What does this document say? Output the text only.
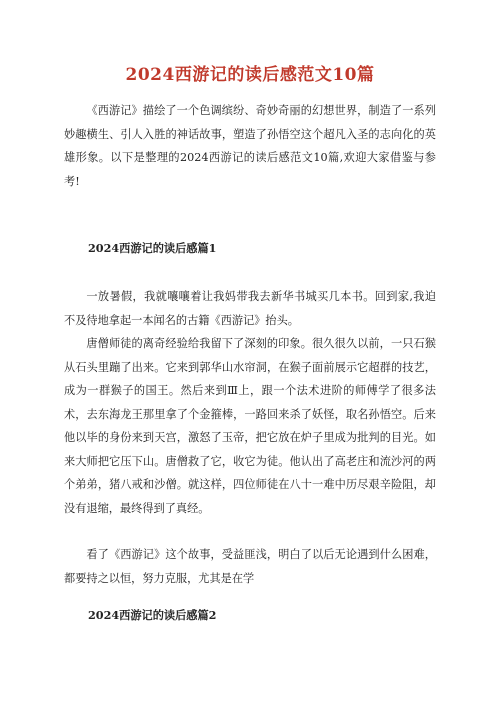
2024西游记的读后感范文10篇

《西游记》描绘了一个色调缤纷、奇妙奇丽的幻想世界，制造了一系列妙趣横生、引人入胜的神话故事，塑造了孙悟空这个超凡入圣的志向化的英雄形象。以下是整理的2024西游记的读后感范文10篇,欢迎大家借鉴与参考!

2024西游记的读后感篇1

一放暑假，我就嚷嚷着让我妈带我去新华书城买几本书。回到家,我迫不及待地拿起一本闻名的古籍《西游记》抬头。

唐僧师徒的离奇经验给我留下了深刻的印象。很久很久以前，一只石猴从石头里蹦了出来。它来到郭华山水帘洞，在猴子面前展示它超群的技艺，成为一群猴子的国王。然后来到Ⅲ上，跟一个法术进阶的师傅学了很多法术，去东海龙王那里拿了个金箍棒，一路回来杀了妖怪，取名孙悟空。后来他以毕的身份来到天宫，激怒了玉帝，把它放在炉子里成为批判的目光。如来大师把它压下山。唐僧救了它，收它为徒。他认出了高老庄和流沙河的两个弟弟，猪八戒和沙僧。就这样，四位师徒在八十一难中历尽艰辛险阻，却没有退缩，最终得到了真经。

看了《西游记》这个故事，受益匪浅，明白了以后无论遇到什么困难，都要持之以恒，努力克服，尤其是在学

2024西游记的读后感篇2
